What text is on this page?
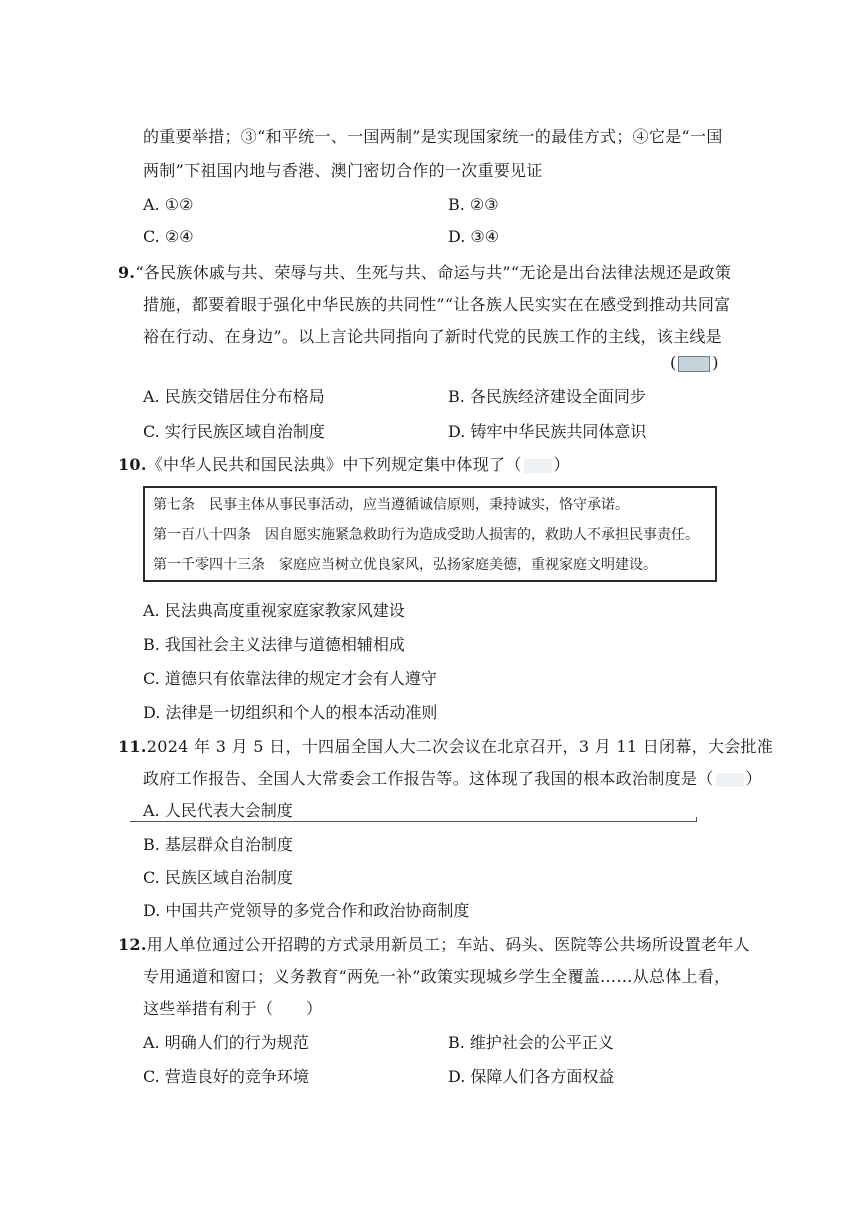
的重要举措；③“和平统一、一国两制”是实现国家统一的最佳方式；④它是“一国
两制”下祖国内地与香港、澳门密切合作的一次重要见证
A. ①②	B. ②③
C. ②④	D. ③④
9.“各民族休戚与共、荣辱与共、生死与共、命运与共”“无论是出台法律法规还是政策
措施，都要着眼于强化中华民族的共同性”“让各族人民实实在在感受到推动共同富
裕在行动、在身边”。以上言论共同指向了新时代党的民族工作的主线，该主线是
( )
A. 民族交错居住分布格局	B. 各民族经济建设全面同步
C. 实行民族区域自治制度	D. 铸牢中华民族共同体意识
10.《中华人民共和国民法典》中下列规定集中体现了（ ）
第七条　民事主体从事民事活动，应当遵循诚信原则，秉持诚实，恪守承诺。
第一百八十四条　因自愿实施紧急救助行为造成受助人损害的，救助人不承担民事责任。
第一千零四十三条　家庭应当树立优良家风，弘扬家庭美德，重视家庭文明建设。
A. 民法典高度重视家庭家教家风建设
B. 我国社会主义法律与道德相辅相成
C. 道德只有依靠法律的规定才会有人遵守
D. 法律是一切组织和个人的根本活动准则
11.2024 年 3 月 5 日，十四届全国人大二次会议在北京召开，3 月 11 日闭幕，大会批准
政府工作报告、全国人大常委会工作报告等。这体现了我国的根本政治制度是（ ）
A. 人民代表大会制度
B. 基层群众自治制度
C. 民族区域自治制度
D. 中国共产党领导的多党合作和政治协商制度
12.用人单位通过公开招聘的方式录用新员工；车站、码头、医院等公共场所设置老年人
专用通道和窗口；义务教育“两免一补”政策实现城乡学生全覆盖……从总体上看，
这些举措有利于（　　）
A. 明确人们的行为规范	B. 维护社会的公平正义
C. 营造良好的竞争环境	D. 保障人们各方面权益
